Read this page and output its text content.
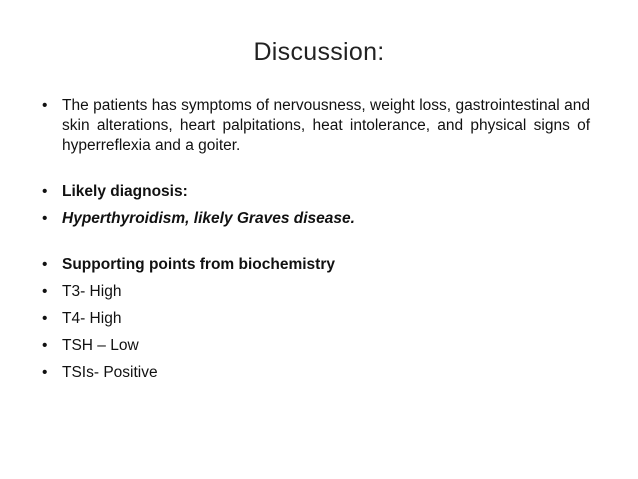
Discussion:
• The patients has symptoms of nervousness, weight loss, gastrointestinal and skin alterations, heart palpitations, heat intolerance, and physical signs of hyperreflexia and a goiter.
• Likely diagnosis:
• Hyperthyroidism, likely Graves disease.
• Supporting points from biochemistry
• T3- High
• T4- High
• TSH – Low
• TSIs- Positive
